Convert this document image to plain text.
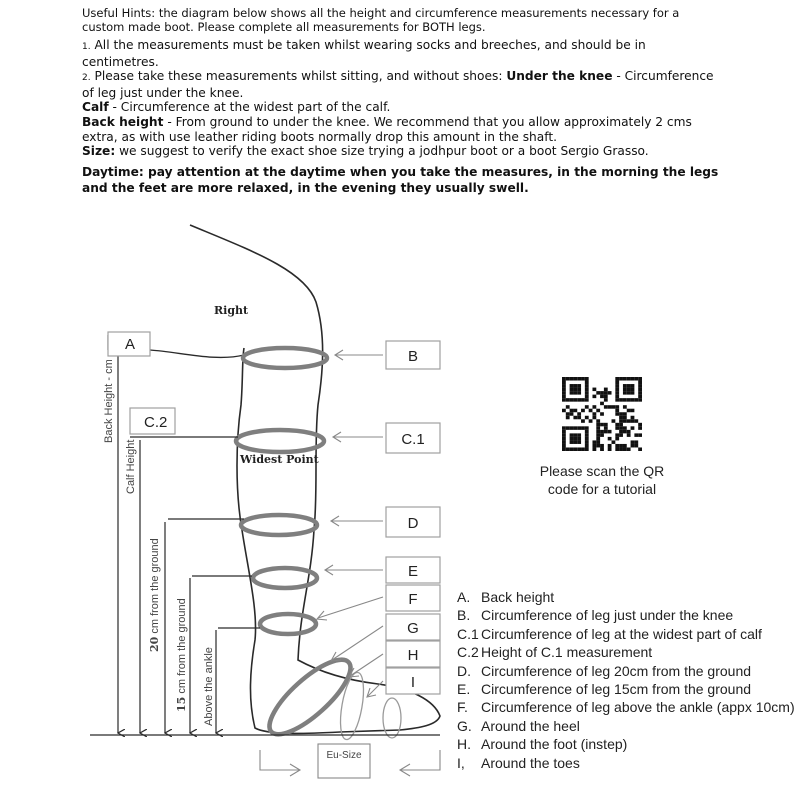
Useful Hints: the diagram below shows all the height and circumference measurements necessary for a custom made boot. Please complete all measurements for BOTH legs.

1. All the measurements must be taken whilst wearing socks and breeches, and should be in centimetres.

2. Please take these measurements whilst sitting, and without shoes: Under the knee - Circumference of leg just under the knee.

Calf - Circumference at the widest part of the calf.

Back height - From ground to under the knee. We recommend that you allow approximately 2 cms extra, as with use leather riding boots normally drop this amount in the shaft.

Size: we suggest to verify the exact shoe size trying a jodhpur boot or a boot Sergio Grasso.

Daytime: pay attention at the daytime when you take the measures, in the morning the legs and the feet are more relaxed, in the evening they usually swell.

Back Height - cm
Calf Height
20 cm from the ground
15 cm from the ground Above the ankle
A
C.2
B
C.1
D
E
F
G
H
I
Eu-Size
Right
Widest Point
Please scan the QR
code for a tutorial
A. Back height
B. Circumference of leg just under the knee
C.1 Circumference of leg at the widest part of calf
C.2 Height of C.1 measurement
D. Circumference of leg 20cm from the ground
E. Circumference of leg 15cm from the ground
F. Circumference of leg above the ankle (appx 10cm)
G. Around the heel
H. Around the foot (instep)
I,	Around the toes
